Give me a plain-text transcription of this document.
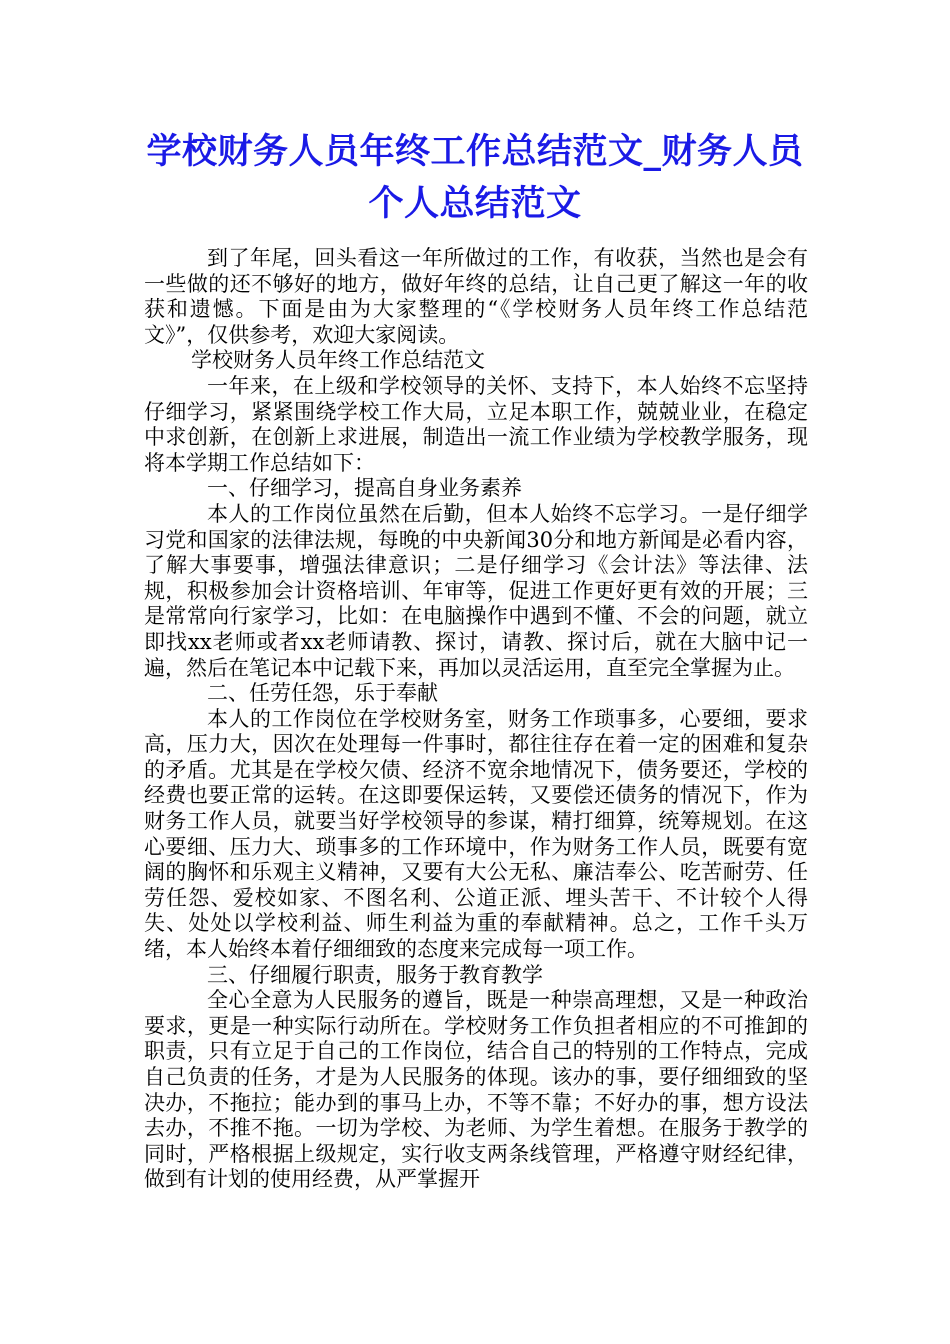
学校财务人员年终工作总结范文_财务人员个人总结范文

到了年尾，回头看这一年所做过的工作，有收获，当然也是会有一些做的还不够好的地方，做好年终的总结，让自己更了解这一年的收获和遗憾。下面是由为大家整理的“《学校财务人员年终工作总结范文》”，仅供参考，欢迎大家阅读。

学校财务人员年终工作总结范文

一年来，在上级和学校领导的关怀、支持下，本人始终不忘坚持仔细学习，紧紧围绕学校工作大局，立足本职工作，兢兢业业，在稳定中求创新，在创新上求进展，制造出一流工作业绩为学校教学服务，现将本学期工作总结如下：

一、仔细学习，提高自身业务素养

本人的工作岗位虽然在后勤，但本人始终不忘学习。一是仔细学习党和国家的法律法规，每晚的中央新闻30分和地方新闻是必看内容，了解大事要事，增强法律意识；二是仔细学习《会计法》等法律、法规，积极参加会计资格培训、年审等，促进工作更好更有效的开展；三是常常向行家学习，比如：在电脑操作中遇到不懂、不会的问题，就立即找xx老师或者xx老师请教、探讨，请教、探讨后，就在大脑中记一遍，然后在笔记本中记载下来，再加以灵活运用，直至完全掌握为止。

二、任劳任怨，乐于奉献

本人的工作岗位在学校财务室，财务工作琐事多，心要细，要求高，压力大，因次在处理每一件事时，都往往存在着一定的困难和复杂的矛盾。尤其是在学校欠债、经济不宽余地情况下，债务要还，学校的经费也要正常的运转。在这即要保运转，又要偿还债务的情况下，作为财务工作人员，就要当好学校领导的参谋，精打细算，统筹规划。在这心要细、压力大、琐事多的工作环境中，作为财务工作人员，既要有宽阔的胸怀和乐观主义精神，又要有大公无私、廉洁奉公、吃苦耐劳、任劳任怨、爱校如家、不图名利、公道正派、埋头苦干、不计较个人得失、处处以学校利益、师生利益为重的奉献精神。总之，工作千头万绪，本人始终本着仔细细致的态度来完成每一项工作。

三、仔细履行职责，服务于教育教学

全心全意为人民服务的遵旨，既是一种崇高理想，又是一种政治要求，更是一种实际行动所在。学校财务工作负担者相应的不可推卸的职责，只有立足于自己的工作岗位，结合自己的特别的工作特点，完成自己负责的任务，才是为人民服务的体现。该办的事，要仔细细致的坚决办，不拖拉；能办到的事马上办，不等不靠；不好办的事，想方设法去办，不推不拖。一切为学校、为老师、为学生着想。在服务于教学的同时，严格根据上级规定，实行收支两条线管理，严格遵守财经纪律，做到有计划的使用经费，从严掌握开
